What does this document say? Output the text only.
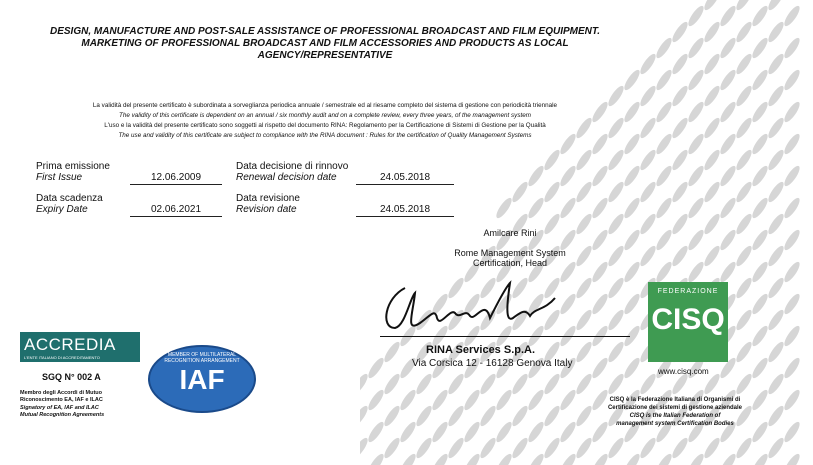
DESIGN, MANUFACTURE AND POST-SALE ASSISTANCE OF PROFESSIONAL BROADCAST AND FILM EQUIPMENT.
MARKETING OF PROFESSIONAL BROADCAST AND FILM ACCESSORIES AND PRODUCTS AS LOCAL
AGENCY/REPRESENTATIVE
La validità del presente certificato è subordinata a sorveglianza periodica annuale / semestrale ed al riesame completo del sistema di gestione con periodicità triennale
The validity of this certificate is dependent on an annual / six monthly audit and on a complete review, every three years, of the management system
L'uso e la validità del presente certificato sono soggetti al rispetto del documento RINA: Regolamento per la Certificazione di Sistemi di Gestione per la Qualità
The use and validity of this certificate are subject to compliance with the RINA document : Rules for the certification of Quality Management Systems
Prima emissione
First Issue	12.06.2009
Data scadenza
Expiry Date	02.06.2021
Data decisione di rinnovo
Renewal decision date	24.05.2018
Data revisione
Revision date	24.05.2018
Amilcare Rini
Rome Management System
Certification, Head
RINA Services S.p.A.
Via Corsica 12 - 16128 Genova Italy
ACCREDIA
L'ENTE ITALIANO DI ACCREDITAMENTO
SGQ N° 002 A
Membro degli Accordi di Mutuo
Riconoscimento EA, IAF e ILAC
Signatory of EA, IAF and ILAC
Mutual Recognition Agreements
MEMBER OF MULTILATERAL RECOGNITION ARRANGEMENT
IAF
FEDERAZIONE
CISQ
www.cisq.com
CISQ è la Federazione Italiana di Organismi di
Certificazione dei sistemi di gestione aziendale
CISQ is the Italian Federation of
management system Certification Bodies
